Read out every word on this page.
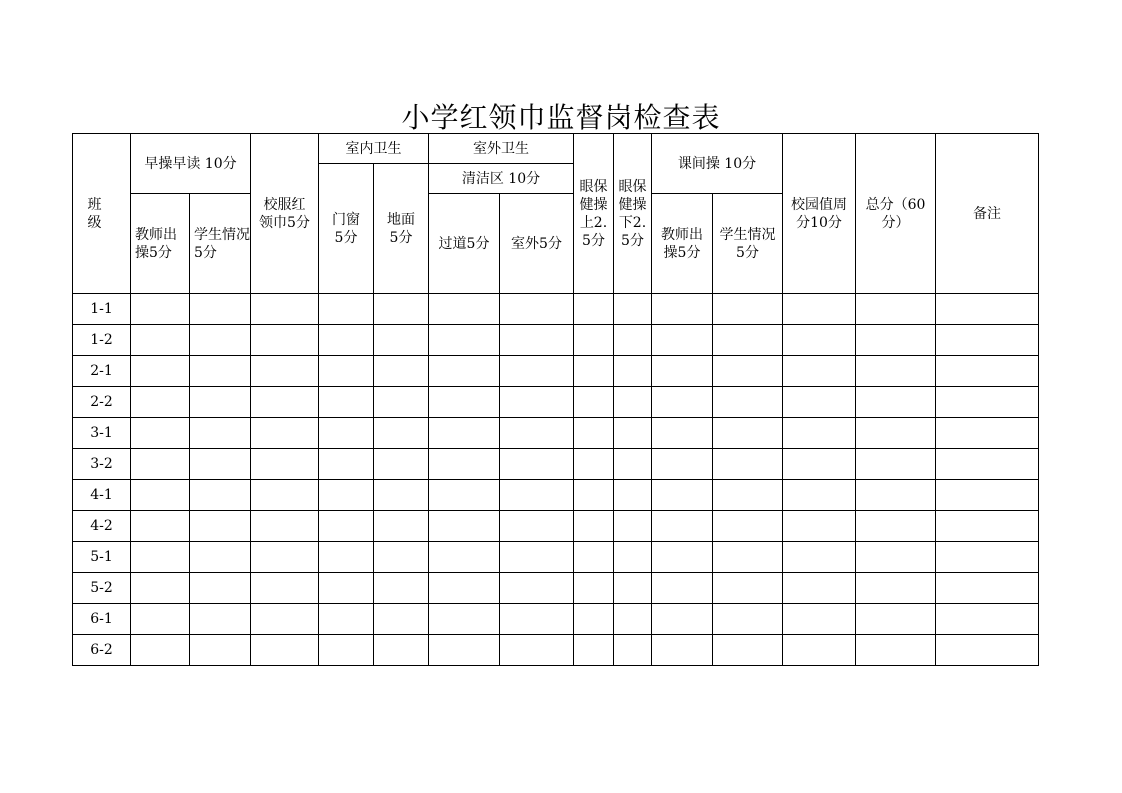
小学红领巾监督岗检查表
班　级	早操早读 10分		校服红领巾5分	室内卫生		室外卫生		眼保健操上2.5分	眼保健操下2.5分	课间操 10分		校园值周分10分	总分（60分）	备注
				门窗5分	地面5分	清洁区 10分								
	教师出操5分	学生情况5分				过道5分	室外5分			教师出操5分	学生情况5分			
1-1														
1-2														
2-1														
2-2														
3-1														
3-2														
4-1														
4-2														
5-1														
5-2														
6-1														
6-2														
